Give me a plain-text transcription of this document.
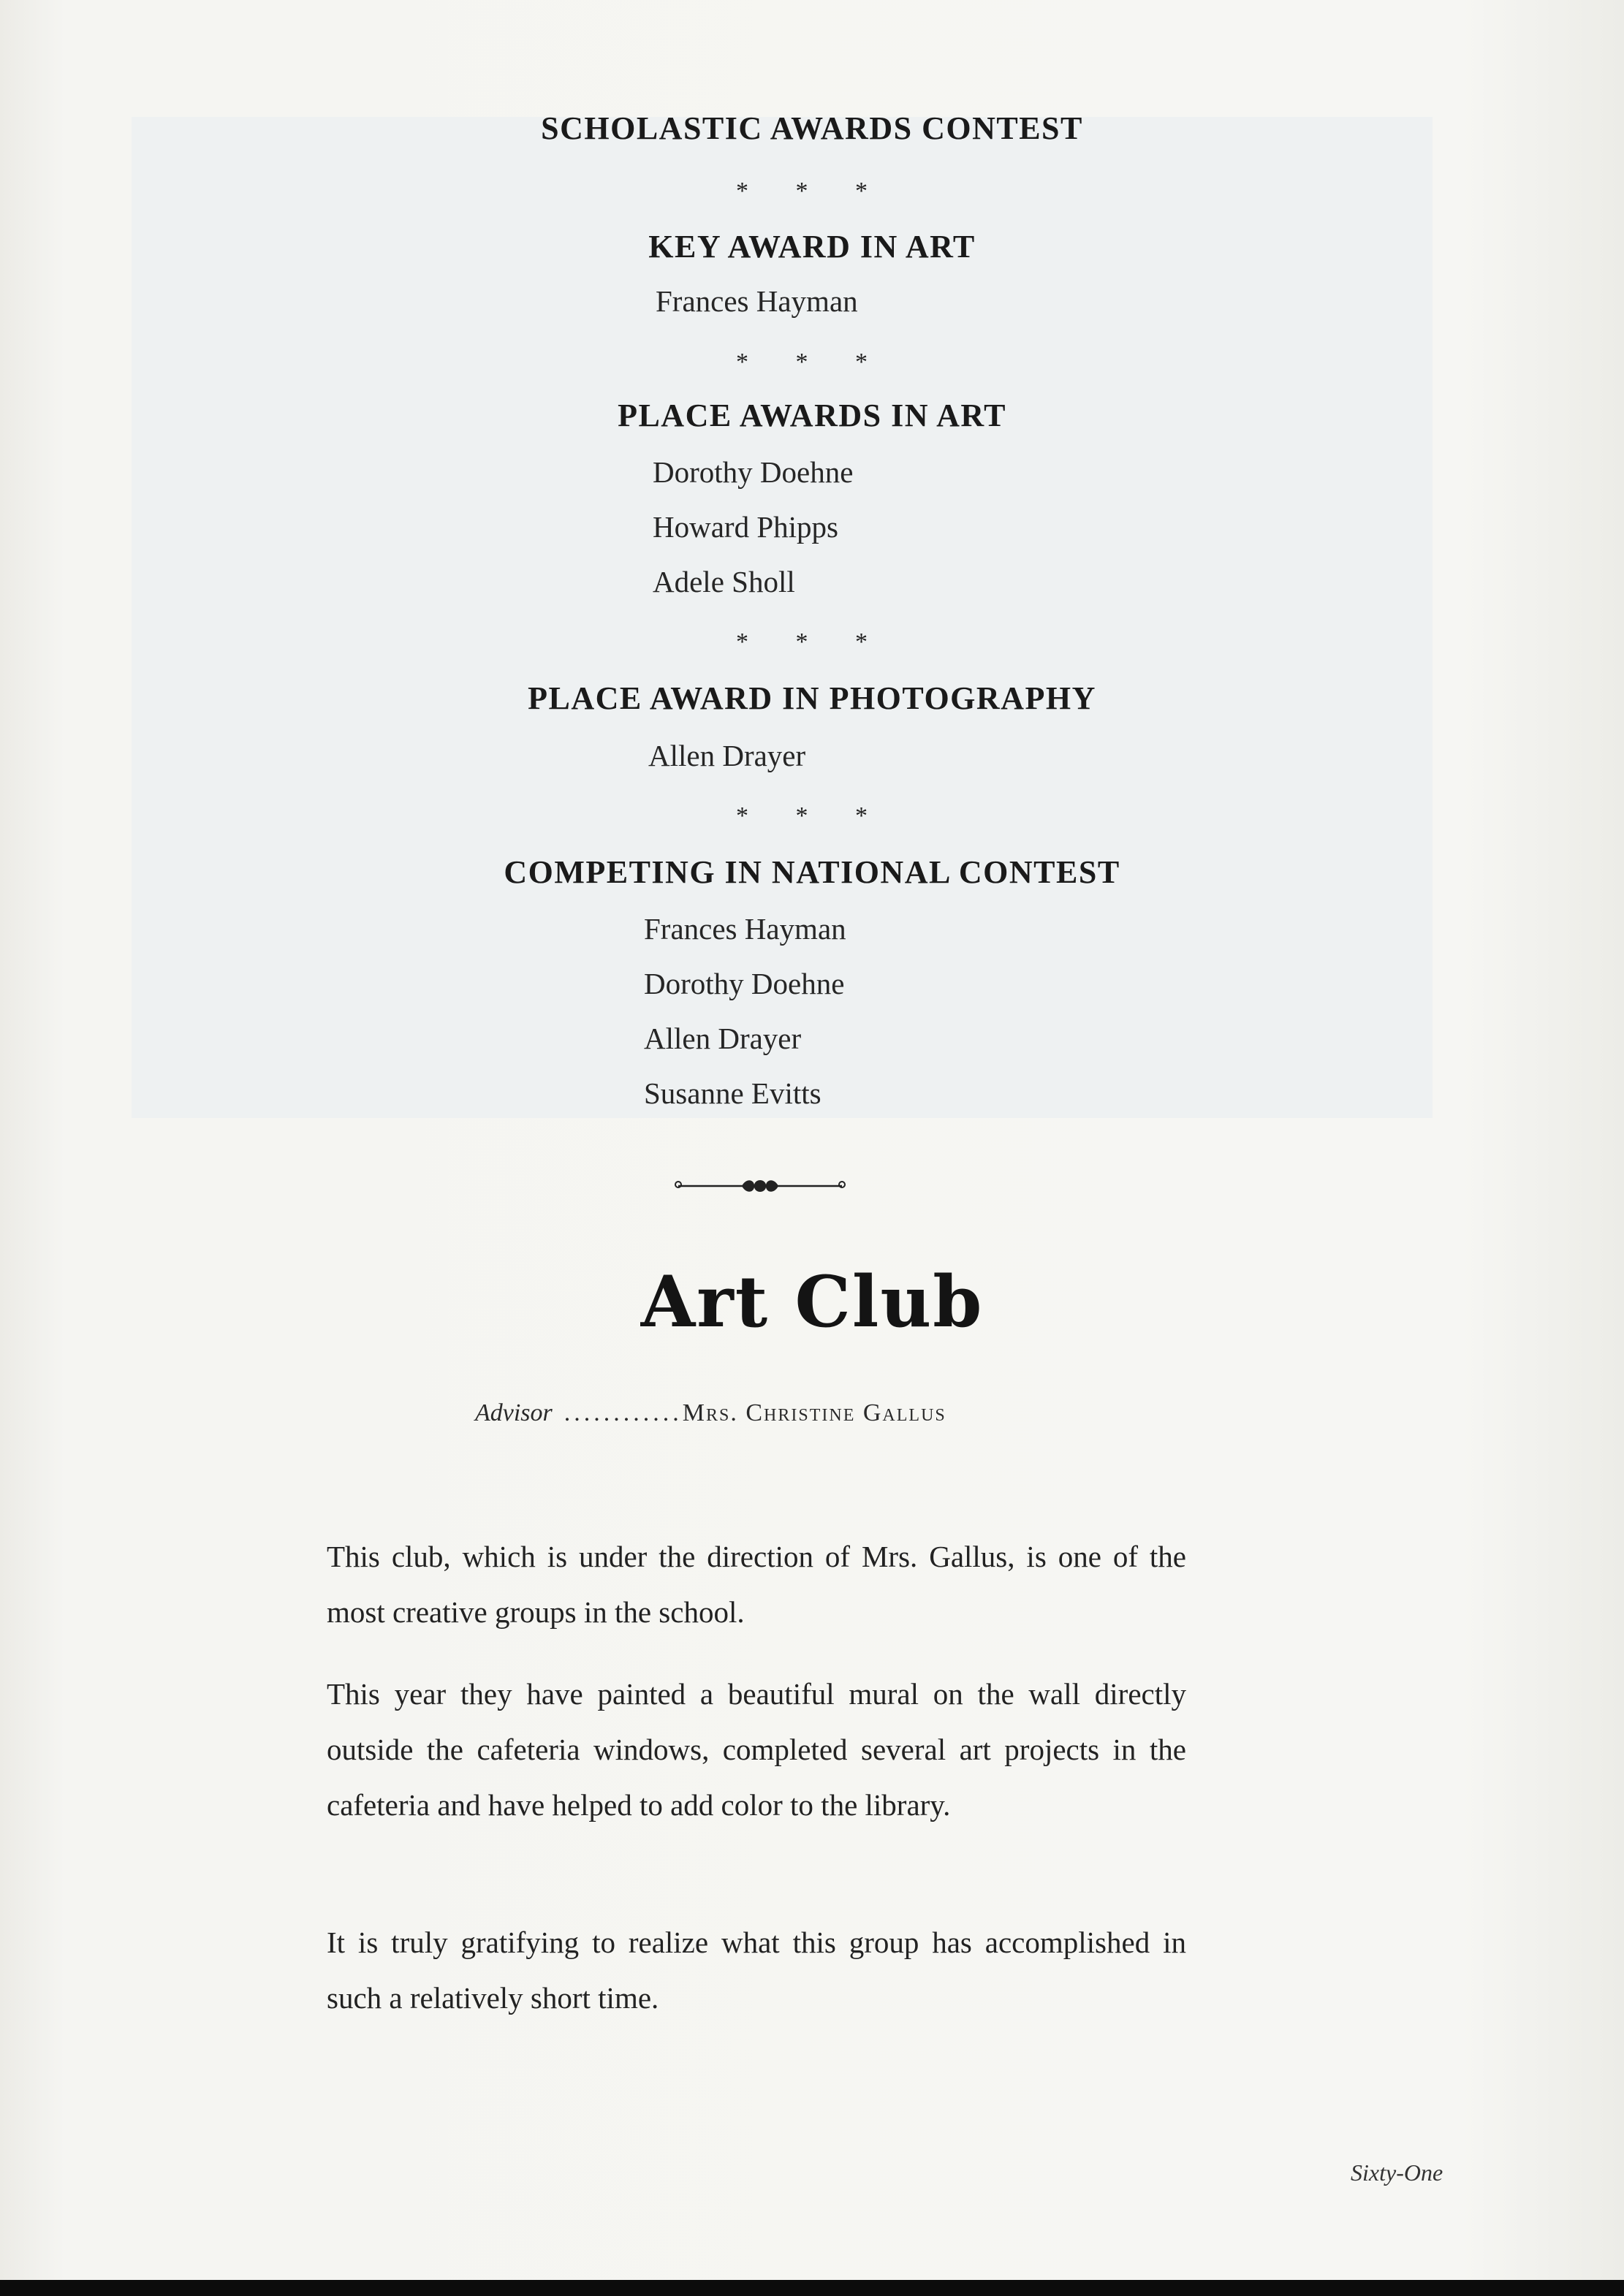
SCHOLASTIC AWARDS CONTEST
* * *
KEY AWARD IN ART
Frances Hayman
* * *
PLACE AWARDS IN ART
Dorothy Doehne
Howard Phipps
Adele Sholl
* * *
PLACE AWARD IN PHOTOGRAPHY
Allen Drayer
* * *
COMPETING IN NATIONAL CONTEST
Frances Hayman
Dorothy Doehne
Allen Drayer
Susanne Evitts
Art Club
Advisor ............Mrs. Christine Gallus
This club, which is under the direction of Mrs. Gallus, is one of the most creative groups in the school.
This year they have painted a beautiful mural on the wall directly outside the cafeteria windows, completed several art projects in the cafeteria and have helped to add color to the library.
It is truly gratifying to realize what this group has accomplished in such a relatively short time.
Sixty-One
